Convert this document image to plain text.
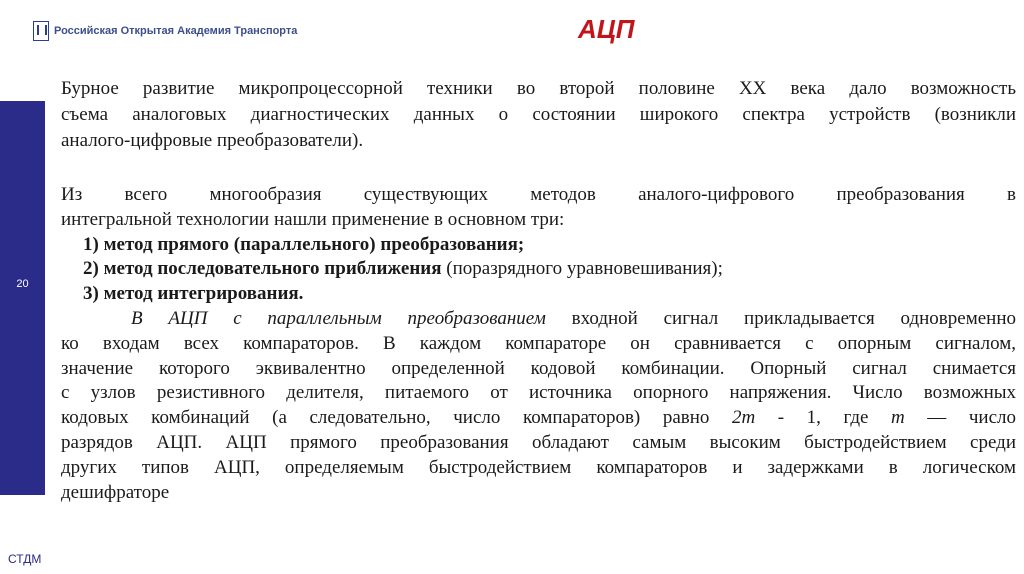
Российская Открытая Академия Транспорта	АЦП
20
СТДМ
Бурное развитие микропроцессорной техники во второй половине XX века дало возможность
съема аналоговых диагностических данных о состоянии широкого спектра устройств (возникли
аналого-цифровые преобразователи).
Из всего многообразия существующих методов аналого-цифрового преобразования в
интегральной технологии нашли применение в основном три:
1) метод прямого (параллельного) преобразования;
2) метод последовательного приближения (поразрядного уравновешивания);
3) метод интегрирования.
В АЦП с параллельным преобразованием входной сигнал прикладывается одновременно
ко входам всех компараторов. В каждом компараторе он сравнивается с опорным сигналом,
значение которого эквивалентно определенной кодовой комбинации. Опорный сигнал снимается
с узлов резистивного делителя, питаемого от источника опорного напряжения. Число возможных
кодовых комбинаций (а следовательно, число компараторов) равно 2m - 1, где m — число
разрядов АЦП. АЦП прямого преобразования обладают самым высоким быстродействием среди
других типов АЦП, определяемым быстродействием компараторов и задержками в логическом
дешифраторе
